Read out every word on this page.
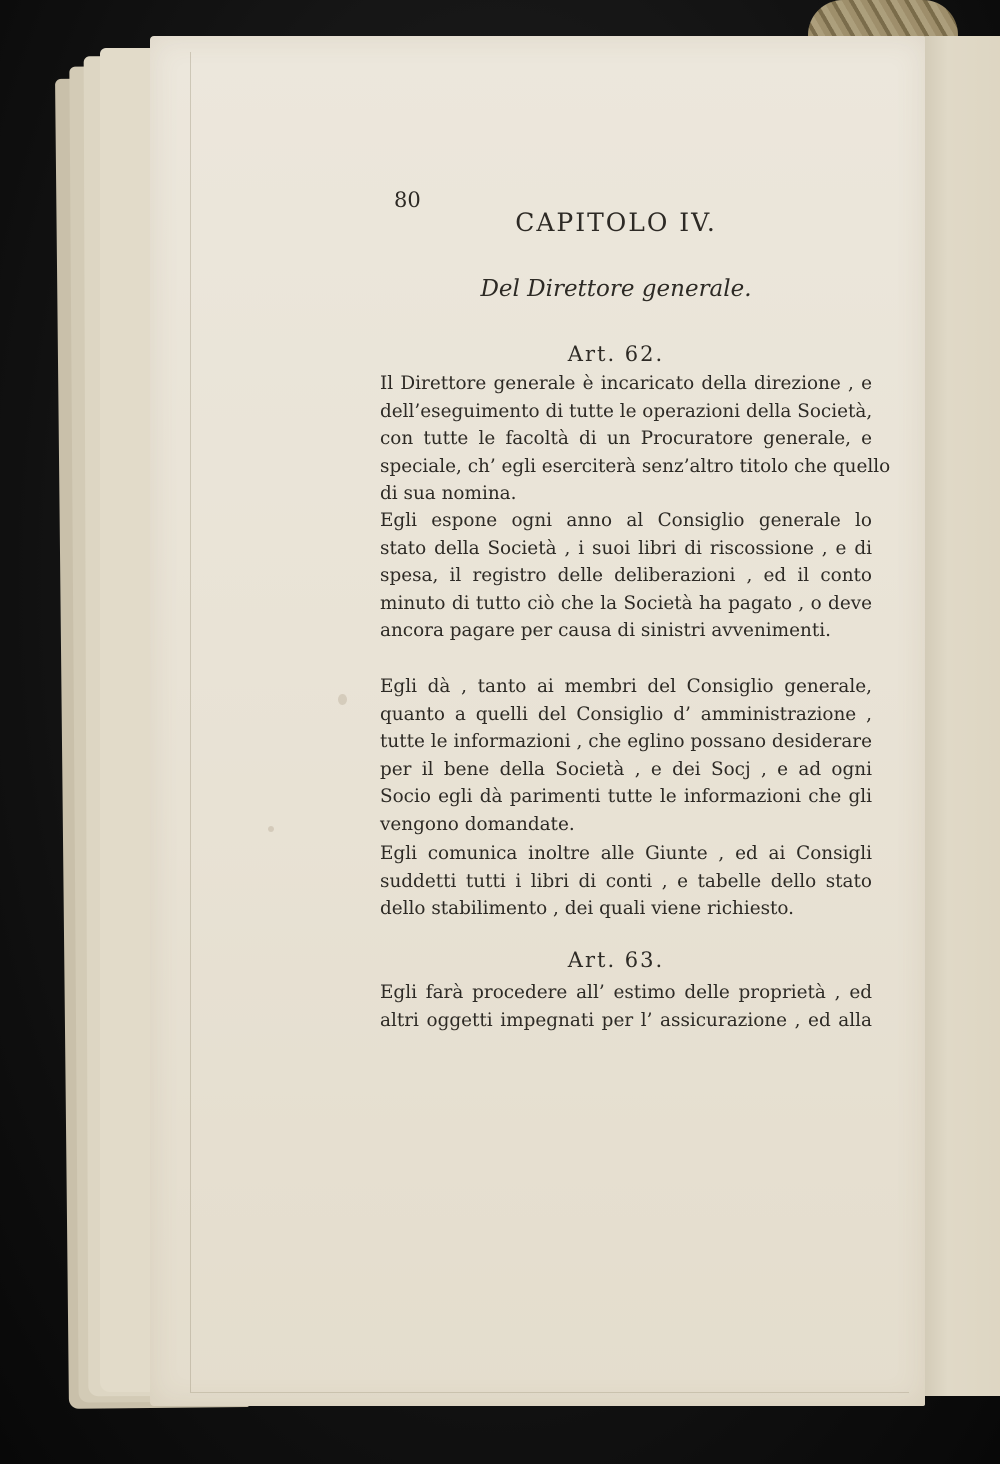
80
CAPITOLO IV.
Del Direttore generale.
Art. 62.
Il Direttore generale è incaricato della direzione , e
dell’eseguimento di tutte le operazioni della Società,
con tutte le facoltà di un Procuratore generale, e
speciale, ch’ egli eserciterà senz’altro titolo che quello
di sua nomina.
Egli espone ogni anno al Consiglio generale lo
stato della Società , i suoi libri di riscossione , e di
spesa, il registro delle deliberazioni , ed il conto
minuto di tutto ciò che la Società ha pagato , o deve
ancora pagare per causa di sinistri avvenimenti.
Egli dà , tanto ai membri del Consiglio generale,
quanto a quelli del Consiglio d’ amministrazione ,
tutte le informazioni , che eglino possano desiderare
per il bene della Società , e dei Socj , e ad ogni
Socio egli dà parimenti tutte le informazioni che gli
vengono domandate.
Egli comunica inoltre alle Giunte , ed ai Consigli
suddetti tutti i libri di conti , e tabelle dello stato
dello stabilimento , dei quali viene richiesto.
Art. 63.
Egli farà procedere all’ estimo delle proprietà , ed
altri oggetti impegnati per l’ assicurazione , ed alla
